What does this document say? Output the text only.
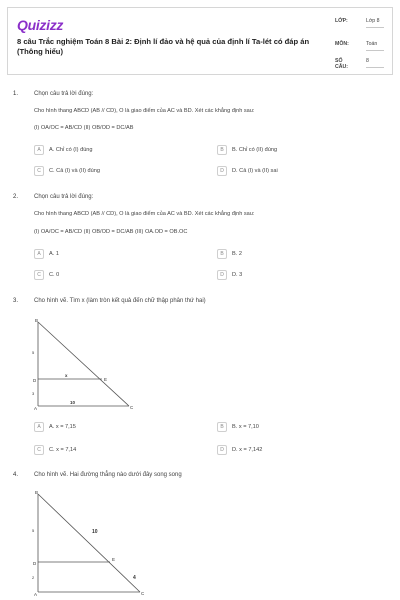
Quizizz
8 câu Trắc nghiệm Toán 8 Bài 2: Định lí đảo và hệ quả của định lí Ta-lét có đáp án (Thông hiểu)
LỚP:	Lớp 8
MÔN:	Toán
SỐ CÂU:
8
1.	Chọn câu trả lời đúng:
Cho hình thang ABCD (AB // CD), O là giao điểm của AC và BD. Xét các khẳng định sau:
(I) OA/OC = AB/CD (II) OB/OD = DC/AB
A	A. Chỉ có (I) đúng	B	B. Chỉ có (II) đúng
C	C. Cả (I) và (II) đúng	D	D. Cả (I) và (II) sai
2.	Chọn câu trả lời đúng:
Cho hình thang ABCD (AB // CD), O là giao điểm của AC và BD. Xét các khẳng định sau:
(I) OA/OC = AB/CD (II) OB/OD = DC/AB (III) OA.OD = OB.OC
A	A. 1	B	B. 2
C	C. 0	D	D. 3
3.	Cho hình vẽ. Tìm x (làm tròn kết quả đến chữ thập phân thứ hai)
B
D	E
A	C
x
10
5
3
A	A. x = 7,15	B	B. x = 7,10
C	C. x = 7,14	D	D. x = 7,142
4.	Cho hình vẽ. Hai đường thẳng nào dưới đây song song
B
D
E
A	C
10
4
5
2
